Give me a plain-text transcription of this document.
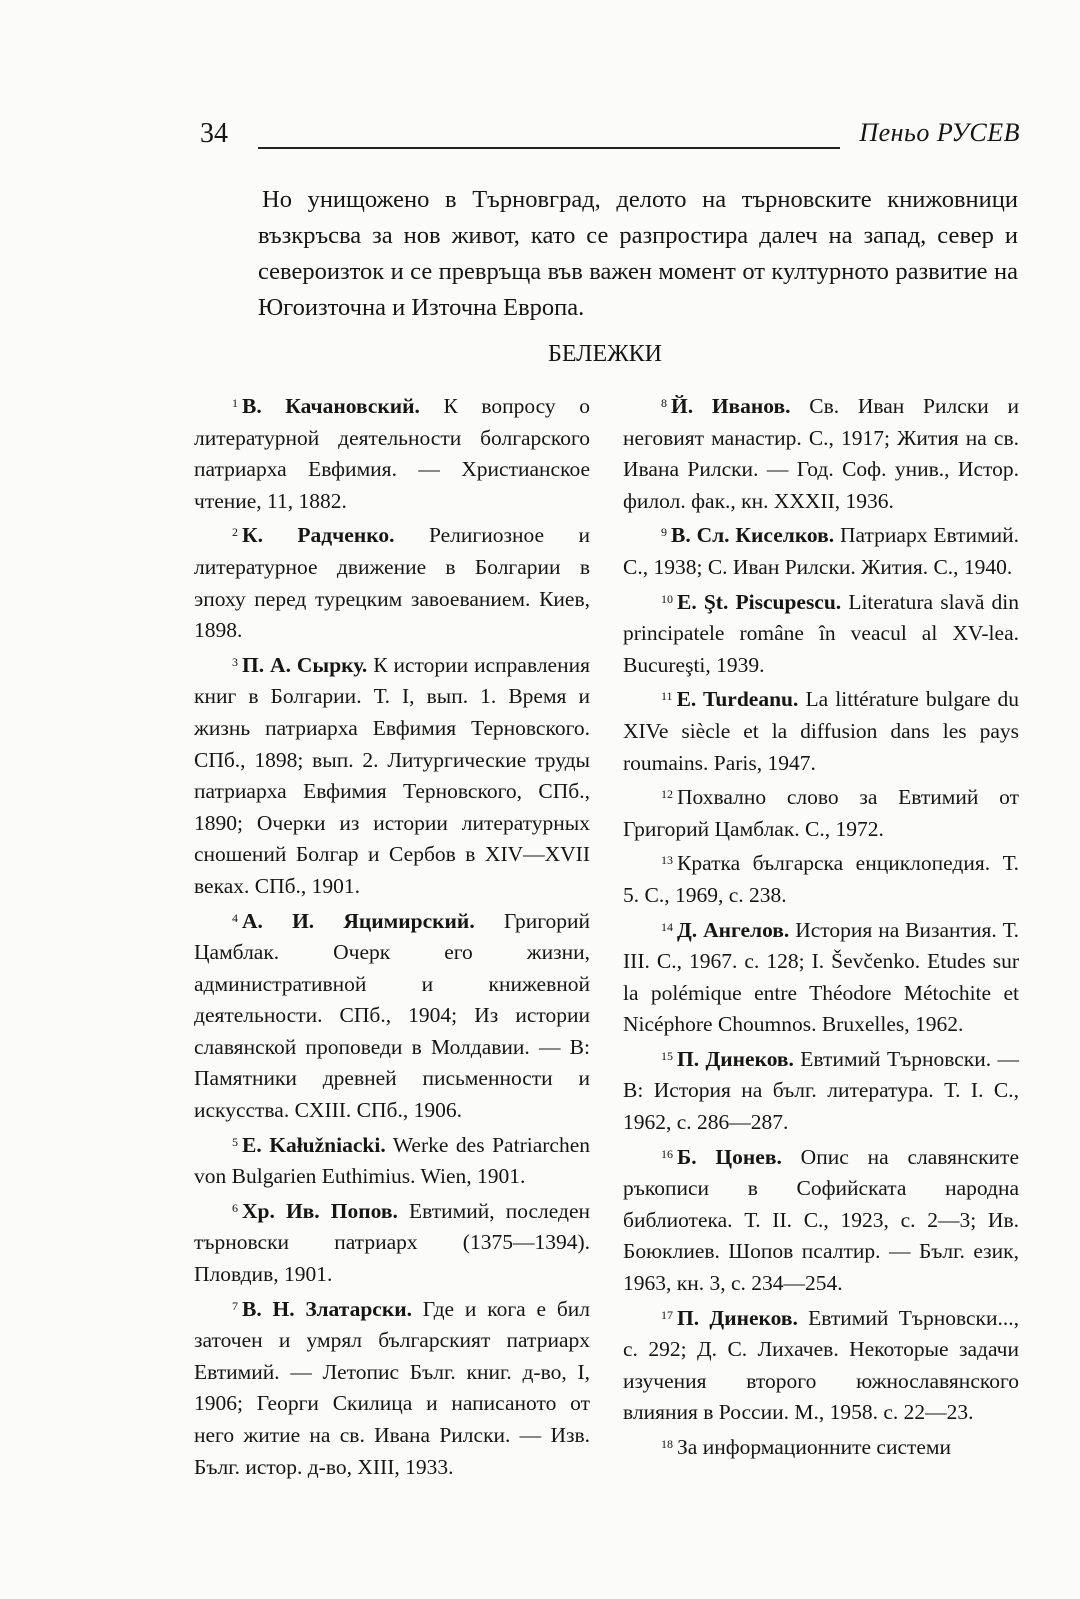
34	Пеньо РУСЕВ
Но унищожено в Търновград, делото на търновските книжовници възкръсва за нов живот, като се разпростира далеч на запад, север и североизток и се превръща във важен момент от културното развитие на Югоизточна и Източна Европа.
БЕЛЕЖКИ

$^1$ В. Качановский. К вопросу о литературной деятельности болгарского патриарха Евфимия. — Христианское чтение, 11, 1882.

$^2$ К. Радченко. Религиозное и литературное движение в Болгарии в эпоху перед турецким завоеванием. Киев, 1898.

$^3$ П. А. Сырку. К истории исправления книг в Болгарии. Т. I, вып. 1. Время и жизнь патриарха Евфимия Терновского. СПб., 1898; вып. 2. Литургические труды патриарха Евфимия Терновского, СПб., 1890; Очерки из истории литературных сношений Болгар и Сербов в XIV—XVII веках. СПб., 1901.

$^4$ А. И. Яцимирский. Григорий Цамблак. Очерк его жизни, административной и книжевной деятельности. СПб., 1904; Из истории славянской проповеди в Молдавии. — В: Памятники древней письменности и искусства. CXIII. СПб., 1906.

$^5$ E. Kałužniacki. Werke des Patriarchen von Bulgarien Euthimius. Wien, 1901.

$^6$ Хр. Ив. Попов. Евтимий, последен търновски патриарх (1375—1394). Пловдив, 1901.

$^7$ В. Н. Златарски. Где и кога е бил заточен и умрял българският патриарх Евтимий. — Летопис Бълг. книг. д-во, I, 1906; Георги Скилица и написаното от него житие на св. Ивана Рилски. — Изв. Бълг. истор. д-во, XIII, 1933.

$^8$ Й. Иванов. Св. Иван Рилски и неговият манастир. С., 1917; Жития на св. Ивана Рилски. — Год. Соф. унив., Истор. филол. фак., кн. XXXII, 1936.

$^9$ В. Сл. Киселков. Патриарх Евтимий. С., 1938; С. Иван Рилски. Жития. С., 1940.

$^{10}$ E. Şt. Piscupescu. Literatura slavă din principatele române în veacul al XV-lea. Bucureşti, 1939.

$^{11}$ E. Turdeanu. La littérature bulgare du XIVe siècle et la diffusion dans les pays roumains. Paris, 1947.

$^{12}$ Похвално слово за Евтимий от Григорий Цамблак. С., 1972.

$^{13}$ Кратка българска енциклопедия. Т. 5. С., 1969, с. 238.

$^{14}$ Д. Ангелов. История на Византия. Т. III. С., 1967. с. 128; I. Ševčenko. Etudes sur la polémique entre Théodore Métochite et Nicéphore Choumnos. Bruxelles, 1962.

$^{15}$ П. Динеков. Евтимий Търновски. — В: История на бълг. литература. Т. I. С., 1962, с. 286—287.

$^{16}$ Б. Цонев. Опис на славянските ръкописи в Софийската народна библиотека. Т. II. С., 1923, с. 2—3; Ив. Боюклиев. Шопов псалтир. — Бълг. език, 1963, кн. 3, с. 234—254.

$^{17}$ П. Динеков. Евтимий Търновски..., с. 292; Д. С. Лихачев. Некоторые задачи изучения второго южнославянского влияния в России. М., 1958. с. 22—23.

$^{18}$ За информационните системи
